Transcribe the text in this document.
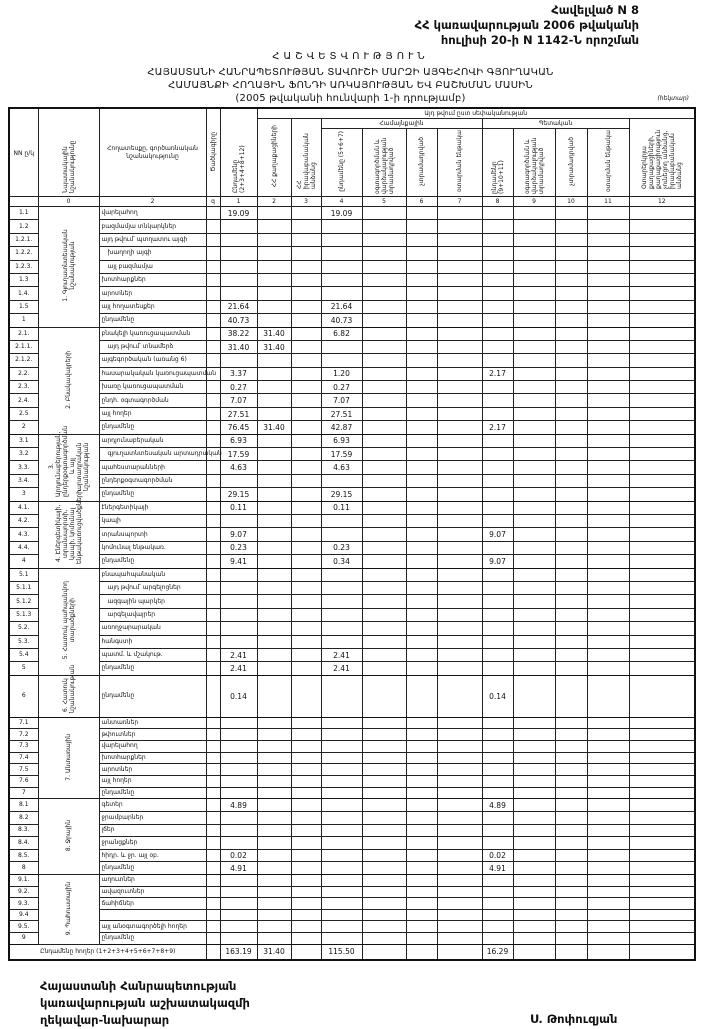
Հավելված N 8
ՀՀ կառավարության 2006 թվականի
հուլիսի 20-ի N 1142-Ն որոշման
ՀԱՇՎԵՏՎՈՒԹՅՈՒՆ
ՀԱՅԱՍՏԱՆԻ ՀԱՆՐԱՊԵՏՈՒԹՅԱՆ ՏԱՎՈՒՇԻ ՄԱՐԶԻ ԱՅԳԵՀՈՎԻ ԳՅՈՒՂԱԿԱՆ
ՀԱՄԱՅՆՔԻ ՀՈՂԱՅԻՆ ՖՈՆԴԻ ԱՌԿԱՅՈՒԹՅԱՆ ԵՎ ԲԱՇԽՄԱՆ ՄԱՍԻՆ
(2005 թվականի հունվարի 1-ի դրությամբ)	(հեկտար)
NN ը/կ	Նպատակային նշանակությունը	Հողատեսքը, գործառնական նշանակությունը	Ծածկագիրը	Ընդամենը (2+3+4+8+12)	Այդ թվում ըստ սեփականության										
					ՀՀ քաղաքացիների	ՀՀ իրավաբանական անձանց	Համայնքային				Պետական				Օտարերկրյա քաղաքացիների, քաղաքացիություն չունեցող անձանց, իրավաբանական անձանց
							ընդամենը (5+6+7)	օգտագործման և վարձակալության տրամադրված	չտրամադրված	օտարման ենթակա	ընդամենը (9+10+11)	օգտագործման և վարձակալության տրամադրված	չտրամադրված	օտարման ենթակա	
	0	2	q	1	2	3	4	5	6	7	8	9	10	11	12
1.1	1. Գյուղատնտեսական նշանակության	վարելահող		19.09			19.09								
1.2		բազմամյա տնկարկներ													
1.2.1.		այդ թվում՝ պտղատու այգի													
1.2.2.		խաղողի այգի													
1.2.3.		այլ բազմամյա													
1.3		խոտհարքներ													
1.4.		արոտներ													
1.5		այլ հողատեսքեր		21.64			21.64								
1		ընդամենը		40.73			40.73								
2.1.	2. Բնակավայրերի	բնակելի կառուցապատման		38.22	31.40		6.82								
2.1.1.		այդ թվում՝ տնամերձ		31.40	31.40										
2.1.2.		այգեգործական (առանց 6)													
2.2.		հասարակական կառուցապատման		3.37			1.20				2.17				
2.3.		խառը կառուցապատման		0.27			0.27								
2.4.		ընդհ. օգտագործման		7.07			7.07								
2.5		այլ հողեր		27.51			27.51								
2		ընդամենը		76.45	31.40		42.87				2.17				
3.1	3. Արդյունաբերության, ընդերքօգտագործման և այլ արտադրական նշանակության	արդյունաբերական		6.93			6.93								
3.2		գյուղատնտեսական արտադրական		17.59			17.59								
3.3.		պահեստարանների		4.63			4.63								
3.4.		ընդերքօգտագործման													
3		ընդամենը		29.15			29.15								
4.1.	4. Էներգետիկայի, տրանսպորտի, կապի, կոմունալ ենթակառուցվածքների	էներգետիկայի		0.11			0.11								
4.2.		կապի													
4.3.		տրանսպորտի		9.07							9.07				
4.4.		կոմունալ ենթակառ.		0.23			0.23								
4		ընդամենը		9.41			0.34				9.07				
5.1	5. Հատուկ պահպանվող տարածքների	բնապահպանական													
5.1.1		այդ թվում՝ արգելոցներ													
5.1.2		ազգային պարկեր													
5.1.3		արգելավայրեր													
5.2.		առողջարարական													
5.3.		հանգստի													
5.4		պատմ. և մշակութ.		2.41			2.41								
5		ընդամենը		2.41			2.41								
6	6. Հատուկ նշանակության	ընդամենը		0.14							0.14				
7.1	7. Անտառային	անտառներ													
7.2		թփուտներ													
7.3		վարելահող													
7.4		խոտհարքներ													
7.5		արոտներ													
7.6		այլ հողեր													
7		ընդամենը													
8.1	8. Ջրային	գետեր		4.89							4.89				
8.2		ջրամբարներ													
8.3.		լճեր													
8.4.		ջրանցքներ													
8.5.		հիդր. և ջր. այլ օբ.		0.02							0.02				
8		ընդամենը		4.91							4.91				
9.1.	9. Պահուստային	աղուտներ													
9.2.		ավազուտներ													
9.3.		ճահիճներ													
9.4															
9.5.		այլ անօգտագործելի հողեր													
9		ընդամենը													
Ընդամենը հողեր (1+2+3+4+5+6+7+8+9)				163.19	31.40		115.50				16.29				
Հայաստանի Հանրապետության
կառավարության աշխատակազմի
ղեկավար-նախարար	Ս. Թոփուզյան
